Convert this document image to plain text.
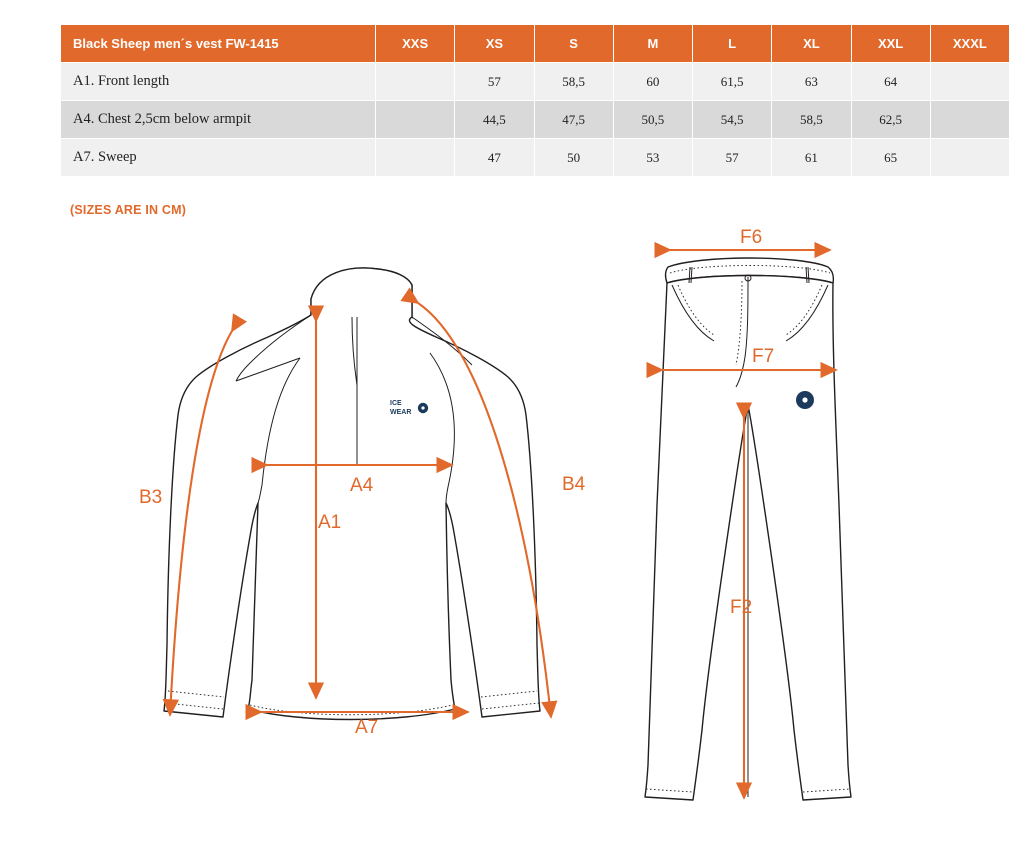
Black Sheep men´s vest FW-1415	XXS	XS	S	M	L	XL	XXL	XXXL
A1. Front length		57	58,5	60	61,5	63	64	
A4. Chest 2,5cm below armpit		44,5	47,5	50,5	54,5	58,5	62,5	
A7. Sweep		47	50	53	57	61	65	
(SIZES ARE IN CM)
ICE
WEAR
B3
B4
A4
A1
A7
F6
F7
F2
